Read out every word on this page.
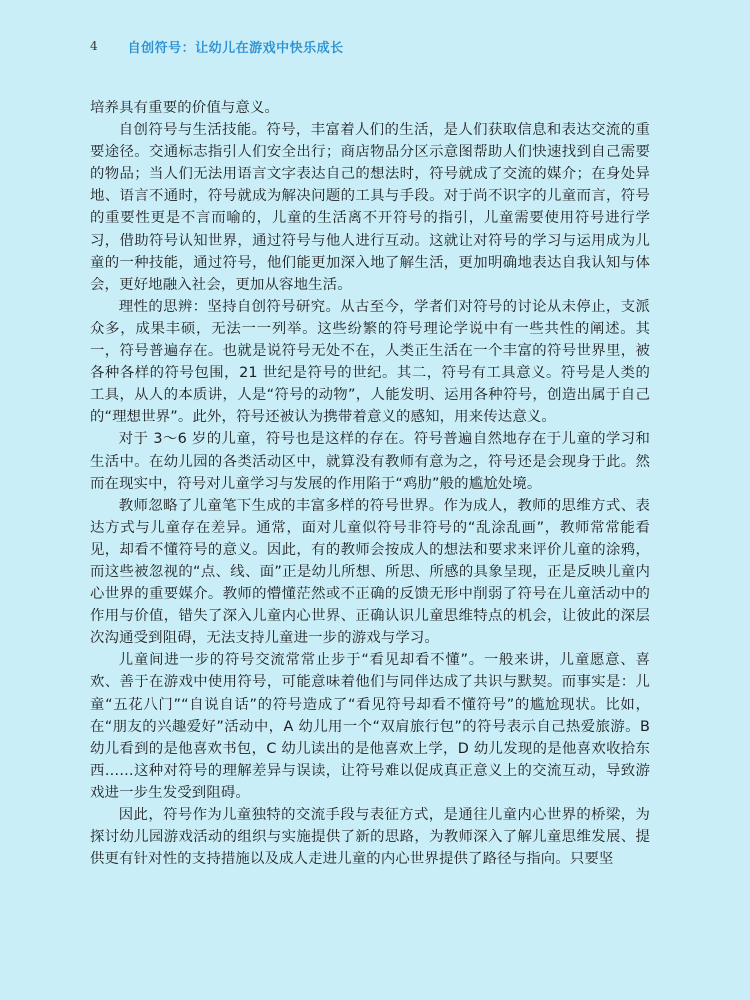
4 自创符号：让幼儿在游戏中快乐成长

培养具有重要的价值与意义。

自创符号与生活技能。符号，丰富着人们的生活，是人们获取信息和表达交流的重要途径。交通标志指引人们安全出行；商店物品分区示意图帮助人们快速找到自己需要的物品；当人们无法用语言文字表达自己的想法时，符号就成了交流的媒介；在身处异地、语言不通时，符号就成为解决问题的工具与手段。对于尚不识字的儿童而言，符号的重要性更是不言而喻的，儿童的生活离不开符号的指引，儿童需要使用符号进行学习，借助符号认知世界，通过符号与他人进行互动。这就让对符号的学习与运用成为儿童的一种技能，通过符号，他们能更加深入地了解生活，更加明确地表达自我认知与体会，更好地融入社会，更加从容地生活。

理性的思辨：坚持自创符号研究。从古至今，学者们对符号的讨论从未停止，支派众多，成果丰硕，无法一一列举。这些纷繁的符号理论学说中有一些共性的阐述。其一，符号普遍存在。也就是说符号无处不在，人类正生活在一个丰富的符号世界里，被各种各样的符号包围，21 世纪是符号的世纪。其二，符号有工具意义。符号是人类的工具，从人的本质讲，人是“符号的动物”，人能发明、运用各种符号，创造出属于自己的“理想世界”。此外，符号还被认为携带着意义的感知，用来传达意义。

对于 3～6 岁的儿童，符号也是这样的存在。符号普遍自然地存在于儿童的学习和生活中。在幼儿园的各类活动区中，就算没有教师有意为之，符号还是会现身于此。然而在现实中，符号对儿童学习与发展的作用陷于“鸡肋”般的尴尬处境。

教师忽略了儿童笔下生成的丰富多样的符号世界。作为成人，教师的思维方式、表达方式与儿童存在差异。通常，面对儿童似符号非符号的“乱涂乱画”，教师常常能看见，却看不懂符号的意义。因此，有的教师会按成人的想法和要求来评价儿童的涂鸦，而这些被忽视的“点、线、面”正是幼儿所想、所思、所感的具象呈现，正是反映儿童内心世界的重要媒介。教师的懵懂茫然或不正确的反馈无形中削弱了符号在儿童活动中的作用与价值，错失了深入儿童内心世界、正确认识儿童思维特点的机会，让彼此的深层次沟通受到阻碍，无法支持儿童进一步的游戏与学习。

儿童间进一步的符号交流常常止步于“看见却看不懂”。一般来讲，儿童愿意、喜欢、善于在游戏中使用符号，可能意味着他们与同伴达成了共识与默契。而事实是：儿童“五花八门”“自说自话”的符号造成了“看见符号却看不懂符号”的尴尬现状。比如，在“朋友的兴趣爱好”活动中，A 幼儿用一个“双肩旅行包”的符号表示自己热爱旅游。B 幼儿看到的是他喜欢书包，C 幼儿读出的是他喜欢上学，D 幼儿发现的是他喜欢收拾东西……这种对符号的理解差异与误读，让符号难以促成真正意义上的交流互动，导致游戏进一步生发受到阻碍。

因此，符号作为儿童独特的交流手段与表征方式，是通往儿童内心世界的桥梁，为探讨幼儿园游戏活动的组织与实施提供了新的思路，为教师深入了解儿童思维发展、提供更有针对性的支持措施以及成人走进儿童的内心世界提供了路径与指向。只要坚
